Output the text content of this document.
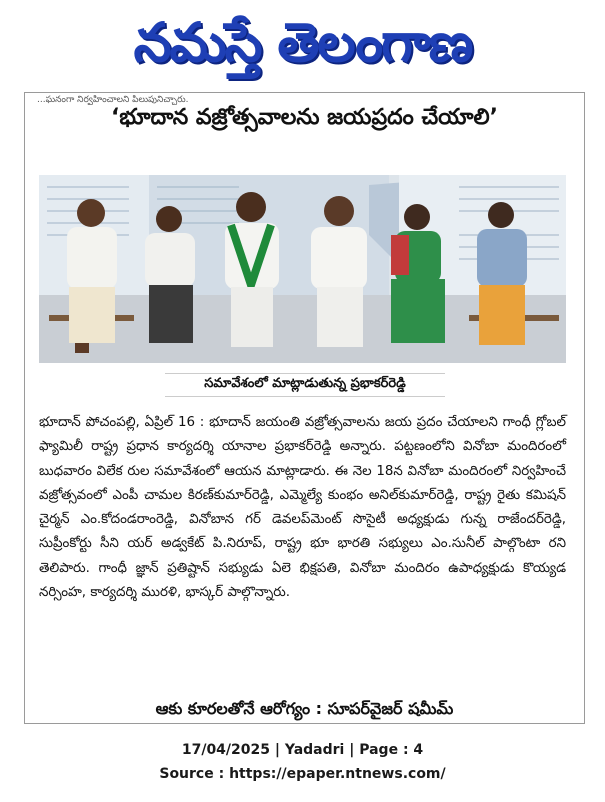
నమస్తే తెలంగాణ
...ఘనంగా నిర్వహించాలని పిలుపునిచ్చారు.
‘భూదాన వజ్రోత్సవాలను జయప్రదం చేయాలి’
సమావేశంలో మాట్లాడుతున్న ప్రభాకర్‌రెడ్డి
భూదాన్ పోచంపల్లి, ఏప్రిల్ 16 : భూదాన్ జయంతి వజ్రోత్సవాలను జయ ప్రదం చేయాలని గాంధీ గ్లోబల్ ఫ్యామిలీ రాష్ట్ర ప్రధాన కార్యదర్శి యానాల ప్రభాకర్‌రెడ్డి అన్నారు. పట్టణంలోని వినోబా మందిరంలో బుధవారం విలేక రుల సమావేశంలో ఆయన మాట్లాడారు. ఈ నెల 18న వినోబా మందిరంలో నిర్వహించే వజ్రోత్సవంలో ఎంపీ చామల కిరణ్‌కుమార్‌రెడ్డి, ఎమ్మెల్యే కుంభం అనిల్‌కుమార్‌రెడ్డి, రాష్ట్ర రైతు కమిషన్ చైర్మన్ ఎం.కోదండరాంరెడ్డి, వినోబాన గర్ డెవలప్‌మెంట్ సొసైటీ అధ్యక్షుడు గున్న రాజేందర్‌రెడ్డి, సుప్రీంకోర్టు సీని యర్ అడ్వకేట్ పి.నిరూప్, రాష్ట్ర భూ భారతి సభ్యులు ఎం.సునీల్ పాల్గొంటా రని తెలిపారు. గాంధీ జ్ఞాన్ ప్రతిష్టాన్ సభ్యుడు ఏలె భిక్షపతి, వినోబా మందిరం ఉపాధ్యక్షుడు కొయ్యడ నర్సింహ, కార్యదర్శి మురళి, భాస్కర్ పాల్గొన్నారు.
ఆకు కూరలతోనే ఆరోగ్యం : సూపర్‌వైజర్ షమీమ్
17/04/2025 | Yadadri | Page : 4
Source : https://epaper.ntnews.com/
